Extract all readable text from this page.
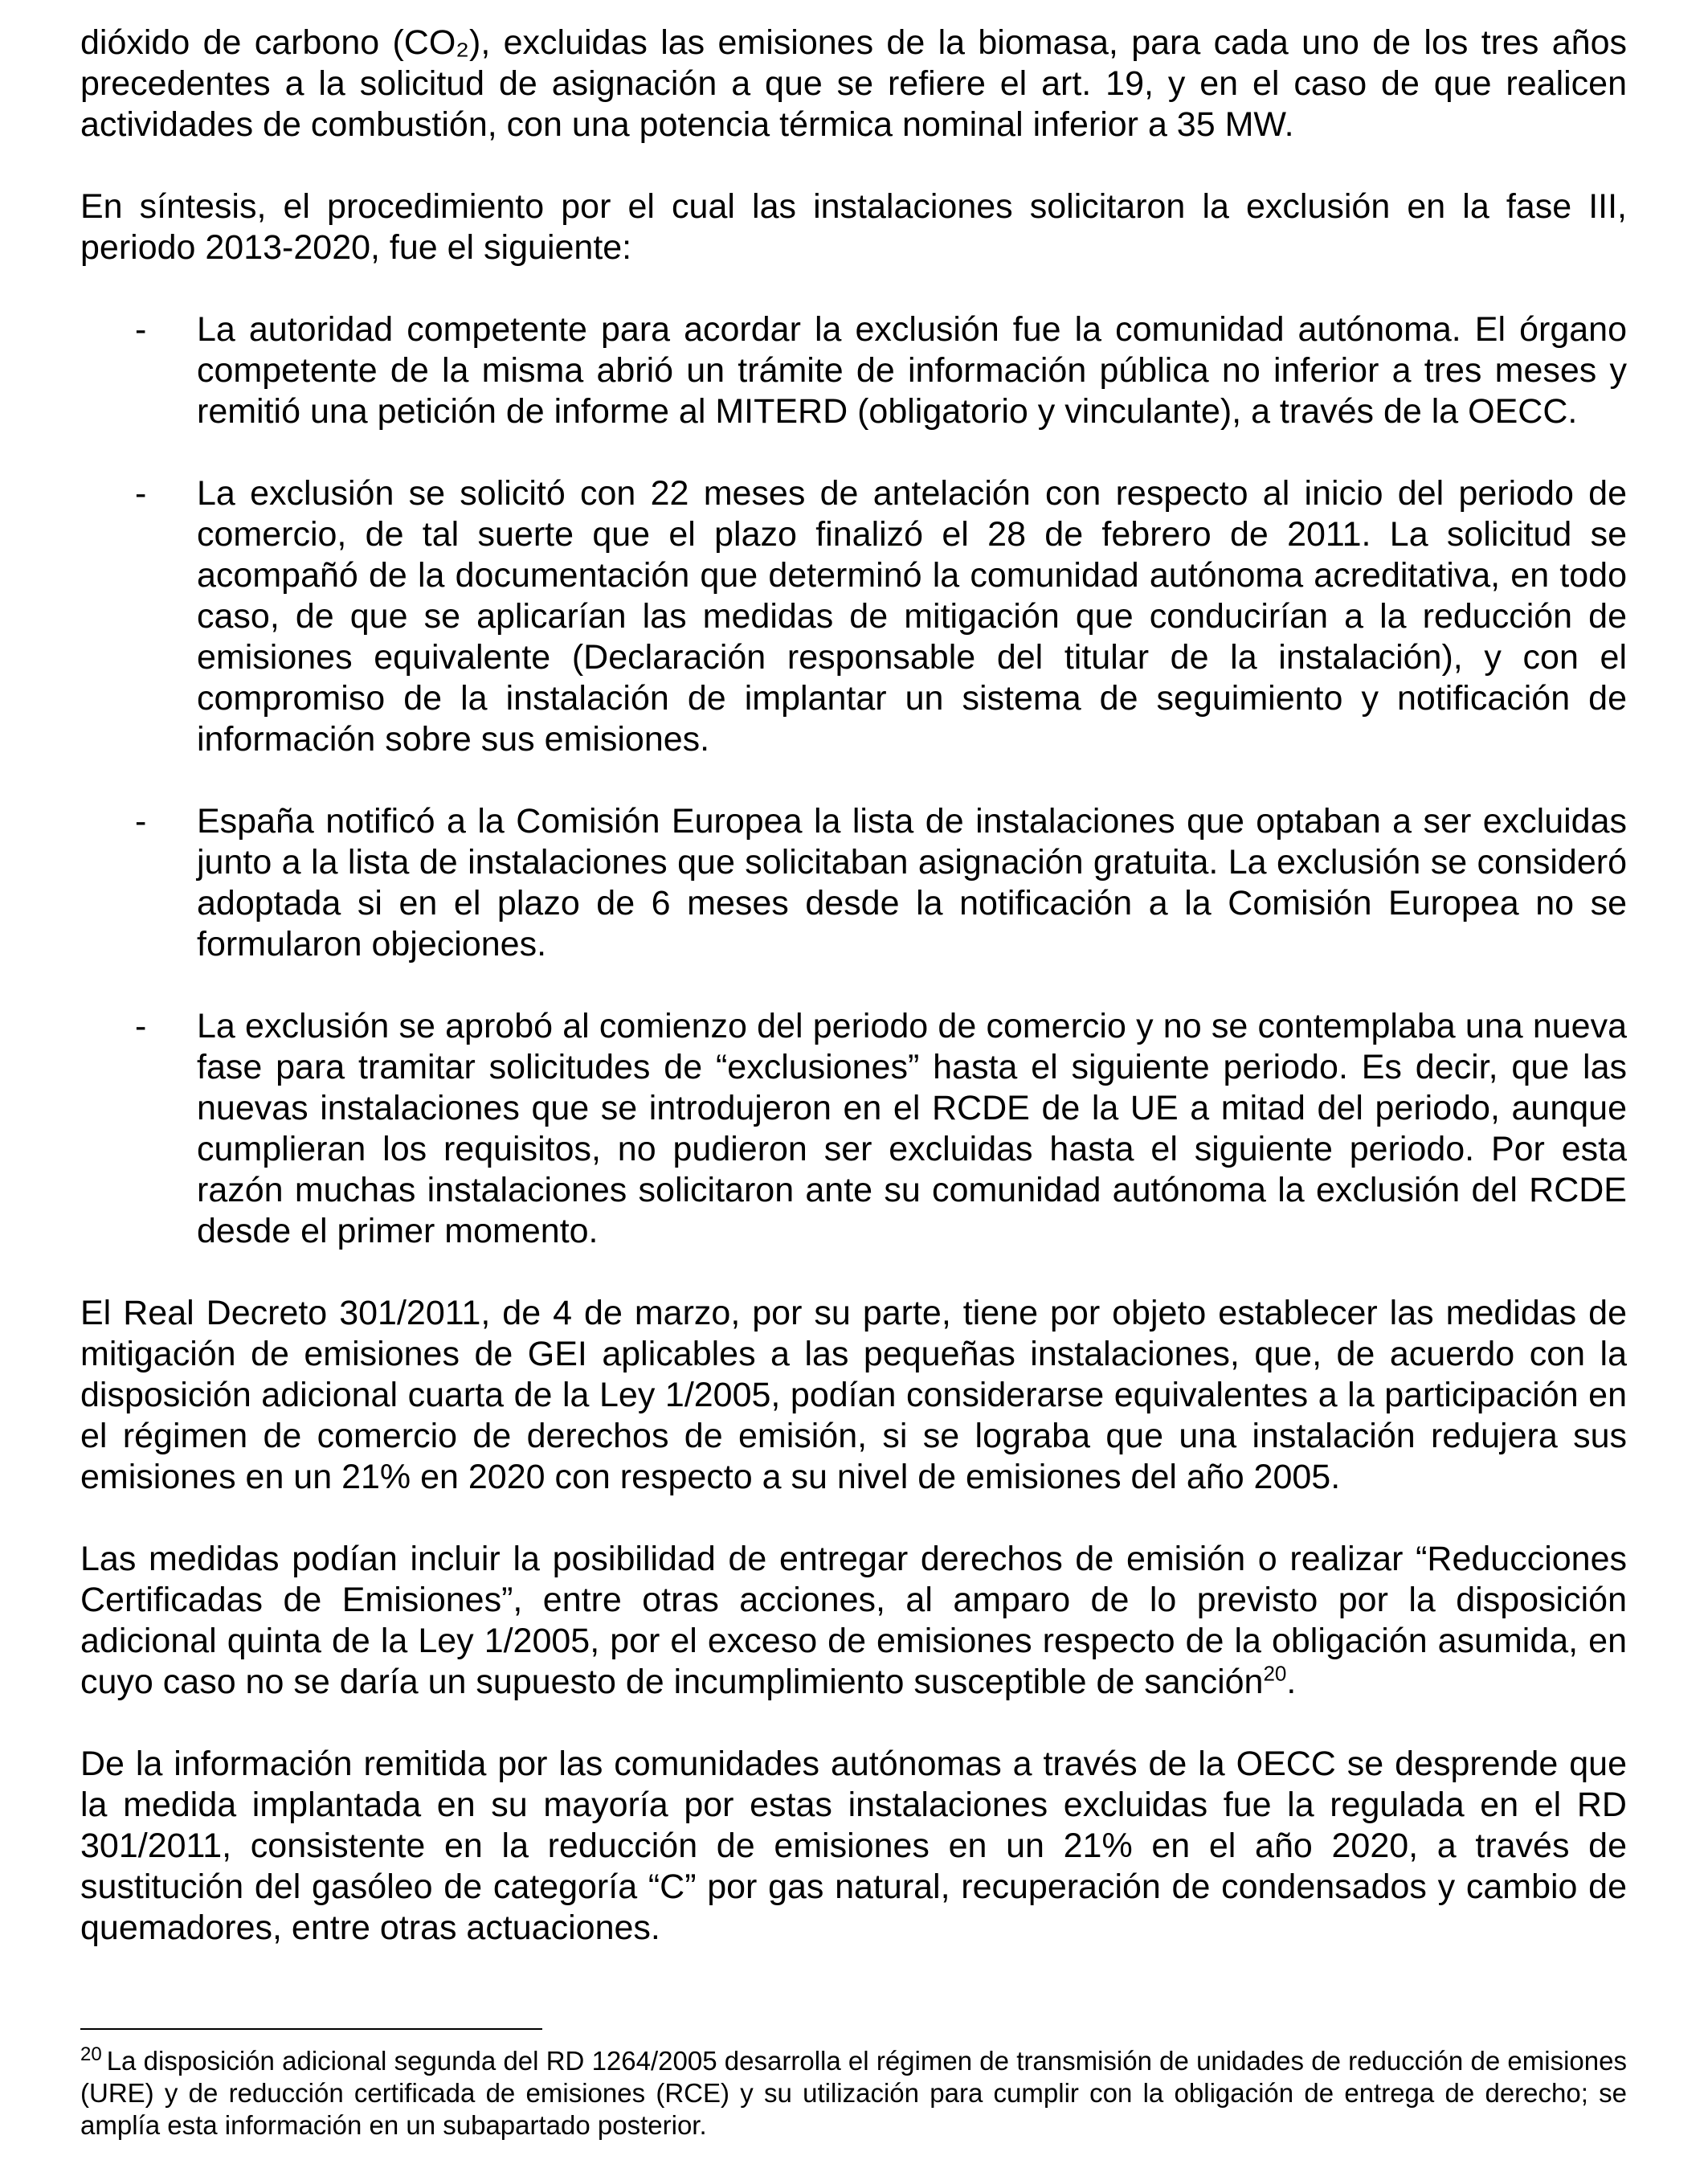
dióxido de carbono (CO₂), excluidas las emisiones de la biomasa, para cada uno de los tres años precedentes a la solicitud de asignación a que se refiere el art. 19, y en el caso de que realicen actividades de combustión, con una potencia térmica nominal inferior a 35 MW.

En síntesis, el procedimiento por el cual las instalaciones solicitaron la exclusión en la fase III, periodo 2013-2020, fue el siguiente:

- La autoridad competente para acordar la exclusión fue la comunidad autónoma. El órgano competente de la misma abrió un trámite de información pública no inferior a tres meses y remitió una petición de informe al MITERD (obligatorio y vinculante), a través de la OECC.

- La exclusión se solicitó con 22 meses de antelación con respecto al inicio del periodo de comercio, de tal suerte que el plazo finalizó el 28 de febrero de 2011. La solicitud se acompañó de la documentación que determinó la comunidad autónoma acreditativa, en todo caso, de que se aplicarían las medidas de mitigación que conducirían a la reducción de emisiones equivalente (Declaración responsable del titular de la instalación), y con el compromiso de la instalación de implantar un sistema de seguimiento y notificación de información sobre sus emisiones.

- España notificó a la Comisión Europea la lista de instalaciones que optaban a ser excluidas junto a la lista de instalaciones que solicitaban asignación gratuita. La exclusión se consideró adoptada si en el plazo de 6 meses desde la notificación a la Comisión Europea no se formularon objeciones.

- La exclusión se aprobó al comienzo del periodo de comercio y no se contemplaba una nueva fase para tramitar solicitudes de “exclusiones” hasta el siguiente periodo. Es decir, que las nuevas instalaciones que se introdujeron en el RCDE de la UE a mitad del periodo, aunque cumplieran los requisitos, no pudieron ser excluidas hasta el siguiente periodo. Por esta razón muchas instalaciones solicitaron ante su comunidad autónoma la exclusión del RCDE desde el primer momento.

El Real Decreto 301/2011, de 4 de marzo, por su parte, tiene por objeto establecer las medidas de mitigación de emisiones de GEI aplicables a las pequeñas instalaciones, que, de acuerdo con la disposición adicional cuarta de la Ley 1/2005, podían considerarse equivalentes a la participación en el régimen de comercio de derechos de emisión, si se lograba que una instalación redujera sus emisiones en un 21% en 2020 con respecto a su nivel de emisiones del año 2005.

Las medidas podían incluir la posibilidad de entregar derechos de emisión o realizar “Reducciones Certificadas de Emisiones”, entre otras acciones, al amparo de lo previsto por la disposición adicional quinta de la Ley 1/2005, por el exceso de emisiones respecto de la obligación asumida, en cuyo caso no se daría un supuesto de incumplimiento susceptible de sanción$^{20}$.

De la información remitida por las comunidades autónomas a través de la OECC se desprende que la medida implantada en su mayoría por estas instalaciones excluidas fue la regulada en el RD 301/2011, consistente en la reducción de emisiones en un 21% en el año 2020, a través de sustitución del gasóleo de categoría “C” por gas natural, recuperación de condensados y cambio de quemadores, entre otras actuaciones.

$^{20}$ La disposición adicional segunda del RD 1264/2005 desarrolla el régimen de transmisión de unidades de reducción de emisiones (URE) y de reducción certificada de emisiones (RCE) y su utilización para cumplir con la obligación de entrega de derecho; se amplía esta información en un subapartado posterior.
